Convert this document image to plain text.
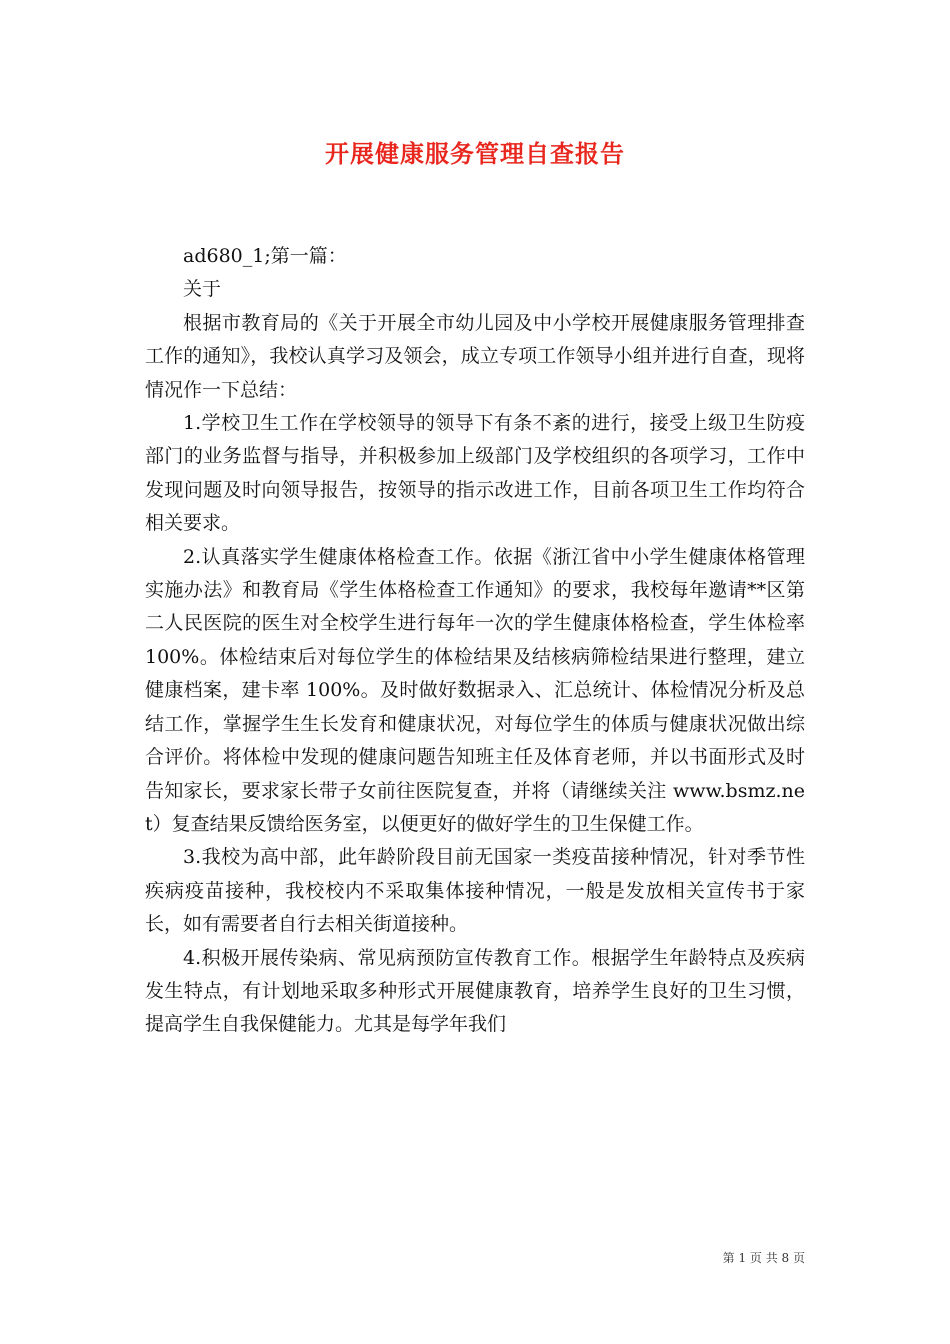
开展健康服务管理自查报告

ad680_1;第一篇：

关于

根据市教育局的《关于开展全市幼儿园及中小学校开展健康服务管理排查工作的通知》，我校认真学习及领会，成立专项工作领导小组并进行自查，现将情况作一下总结：

1.学校卫生工作在学校领导的领导下有条不紊的进行，接受上级卫生防疫部门的业务监督与指导，并积极参加上级部门及学校组织的各项学习，工作中发现问题及时向领导报告，按领导的指示改进工作，目前各项卫生工作均符合相关要求。

2.认真落实学生健康体格检查工作。依据《浙江省中小学生健康体格管理实施办法》和教育局《学生体格检查工作通知》的要求，我校每年邀请**区第二人民医院的医生对全校学生进行每年一次的学生健康体格检查，学生体检率 100%。体检结束后对每位学生的体检结果及结核病筛检结果进行整理，建立健康档案，建卡率 100%。及时做好数据录入、汇总统计、体检情况分析及总结工作，掌握学生生长发育和健康状况，对每位学生的体质与健康状况做出综合评价。将体检中发现的健康问题告知班主任及体育老师，并以书面形式及时告知家长，要求家长带子女前往医院复查，并将（请继续关注 www.bsmz.net）复查结果反馈给医务室，以便更好的做好学生的卫生保健工作。

3.我校为高中部，此年龄阶段目前无国家一类疫苗接种情况，针对季节性疾病疫苗接种，我校校内不采取集体接种情况，一般是发放相关宣传书于家长，如有需要者自行去相关街道接种。

4.积极开展传染病、常见病预防宣传教育工作。根据学生年龄特点及疾病发生特点，有计划地采取多种形式开展健康教育，培养学生良好的卫生习惯，提高学生自我保健能力。尤其是每学年我们

第 1 页 共 8 页
